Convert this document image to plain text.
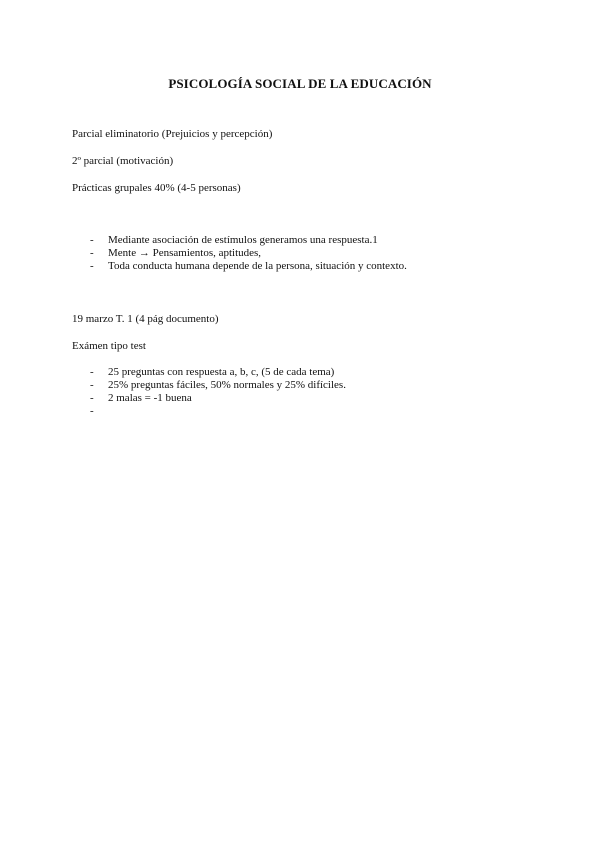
PSICOLOGÍA SOCIAL DE LA EDUCACIÓN
Parcial eliminatorio (Prejuicios y percepción)
2º parcial (motivación)
Prácticas grupales 40% (4-5 personas)
- Mediante asociación de estímulos generamos una respuesta.1
- Mente → Pensamientos, aptitudes,
- Toda conducta humana depende de la persona, situación y contexto.
19 marzo T. 1 (4 pág documento)
Exámen tipo test
- 25 preguntas con respuesta a, b, c, (5 de cada tema)
- 25% preguntas fáciles, 50% normales y 25% difíciles.
- 2 malas = -1 buena
-
